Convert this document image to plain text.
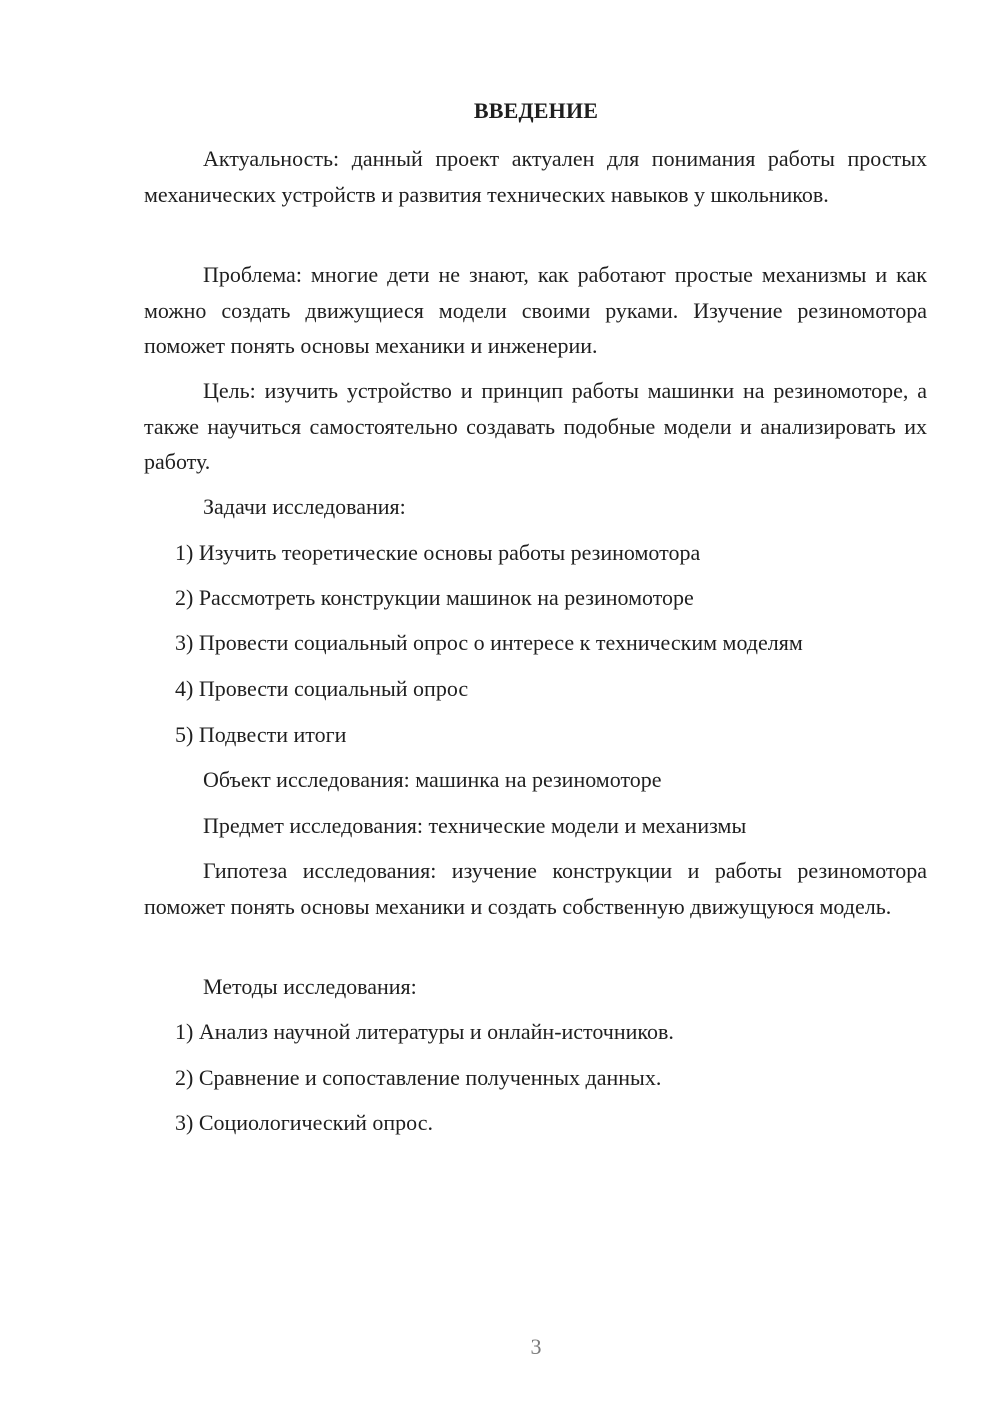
ВВЕДЕНИЕ

Актуальность: данный проект актуален для понимания работы простых механических устройств и развития технических навыков у школьников.

Проблема: многие дети не знают, как работают простые механизмы и как можно создать движущиеся модели своими руками. Изучение резиномотора поможет понять основы механики и инженерии.

Цель: изучить устройство и принцип работы машинки на резиномоторе, а также научиться самостоятельно создавать подобные модели и анализировать их работу.

Задачи исследования:

1) Изучить теоретические основы работы резиномотора

2) Рассмотреть конструкции машинок на резиномоторе

3) Провести социальный опрос о интересе к техническим моделям

4) Провести социальный опрос

5) Подвести итоги

Объект исследования: машинка на резиномоторе

Предмет исследования: технические модели и механизмы

Гипотеза исследования: изучение конструкции и работы резиномотора поможет понять основы механики и создать собственную движущуюся модель.

Методы исследования:

1) Анализ научной литературы и онлайн-источников.

2) Сравнение и сопоставление полученных данных.

3) Социологический опрос.

3
